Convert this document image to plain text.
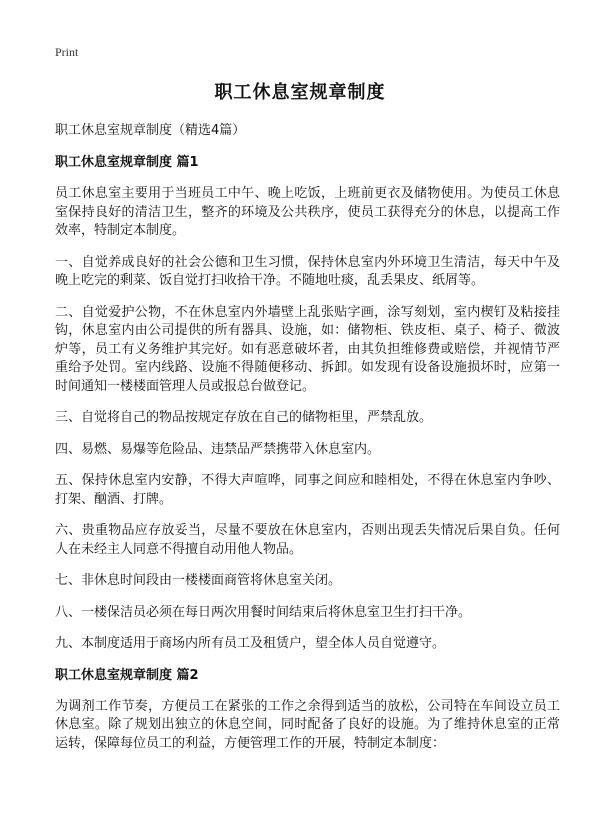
Print
职工休息室规章制度

职工休息室规章制度（精选4篇）

职工休息室规章制度 篇1

员工休息室主要用于当班员工中午、晚上吃饭，上班前更衣及储物使用。为使员工休息室保持良好的清洁卫生，整齐的环境及公共秩序，使员工获得充分的休息，以提高工作效率，特制定本制度。

一、自觉养成良好的社会公德和卫生习惯，保持休息室内外环境卫生清洁，每天中午及晚上吃完的剩菜、饭自觉打扫收拾干净。不随地吐痰，乱丢果皮、纸屑等。

二、自觉爱护公物，不在休息室内外墙壁上乱张贴字画，涂写刻划，室内楔钉及粘接挂钩，休息室内由公司提供的所有器具、设施，如：储物柜、铁皮柜、桌子、椅子、微波炉等，员工有义务维护其完好。如有恶意破坏者，由其负担维修费或赔偿，并视情节严重给予处罚。室内线路、设施不得随便移动、拆卸。如发现有设备设施损坏时，应第一时间通知一楼楼面管理人员或报总台做登记。

三、自觉将自己的物品按规定存放在自己的储物柜里，严禁乱放。

四、易燃、易爆等危险品、违禁品严禁携带入休息室内。

五、保持休息室内安静，不得大声喧哗，同事之间应和睦相处，不得在休息室内争吵、打架、酗酒、打牌。

六、贵重物品应存放妥当，尽量不要放在休息室内，否则出现丢失情况后果自负。任何人在未经主人同意不得擅自动用他人物品。

七、非休息时间段由一楼楼面商管将休息室关闭。

八、一楼保洁员必须在每日两次用餐时间结束后将休息室卫生打扫干净。

九、本制度适用于商场内所有员工及租赁户，望全体人员自觉遵守。

职工休息室规章制度 篇2

为调剂工作节奏，方便员工在紧张的工作之余得到适当的放松，公司特在车间设立员工休息室。除了规划出独立的休息空间，同时配备了良好的设施。为了维持休息室的正常运转，保障每位员工的利益，方便管理工作的开展，特制定本制度：
